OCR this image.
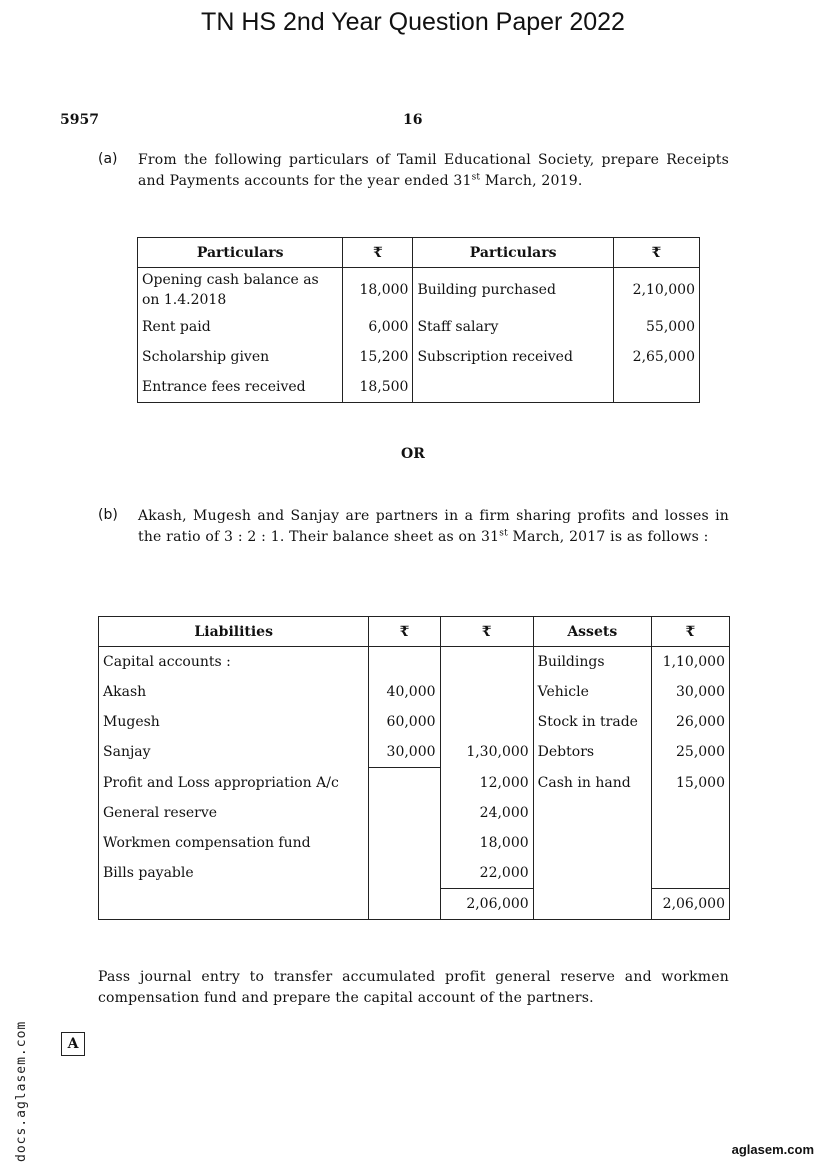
TN HS 2nd Year Question Paper 2022
5957	16
(a) From the following particulars of Tamil Educational Society, prepare Receipts and Payments accounts for the year ended 31st March, 2019.
Particulars	₹	Particulars	₹
Opening cash balance as on 1.4.2018	18,000	Building purchased	2,10,000
Rent paid	6,000	Staff salary	55,000
Scholarship given	15,200	Subscription received	2,65,000
Entrance fees received	18,500		
OR
(b) Akash, Mugesh and Sanjay are partners in a firm sharing profits and losses in the ratio of 3 : 2 : 1. Their balance sheet as on 31st March, 2017 is as follows :
Liabilities	₹	₹	Assets	₹
Capital accounts :			Buildings	1,10,000
Akash	40,000		Vehicle	30,000
Mugesh	60,000		Stock in trade	26,000
Sanjay	30,000	1,30,000	Debtors	25,000
Profit and Loss appropriation A/c		12,000	Cash in hand	15,000
General reserve		24,000		
Workmen compensation fund		18,000		
Bills payable		22,000		
		2,06,000		2,06,000
Pass journal entry to transfer accumulated profit general reserve and workmen compensation fund and prepare the capital account of the partners.
A
docs.aglasem.com	aglasem.com
